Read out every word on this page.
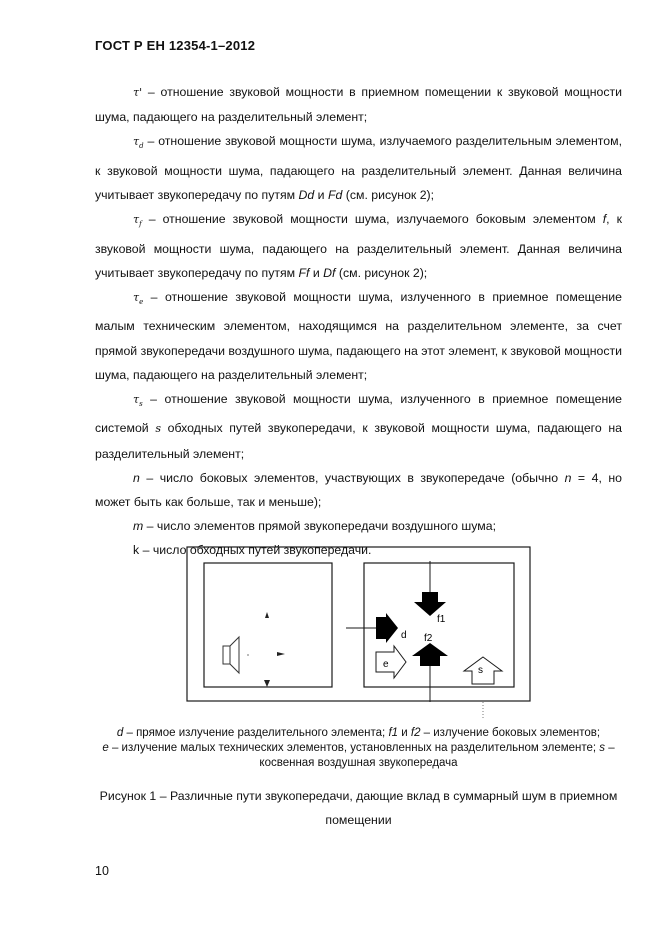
ГОСТ Р ЕН 12354-1–2012

τ' – отношение звуковой мощности в приемном помещении к звуковой мощности шума, падающего на разделительный элемент;

$\tau_d$ – отношение звуковой мощности шума, излучаемого разделительным элементом, к звуковой мощности шума, падающего на разделительный элемент. Данная величина учитывает звукопередачу по путям Dd и Fd (см. рисунок 2);

$\tau_f$ – отношение звуковой мощности шума, излучаемого боковым элементом f, к звуковой мощности шума, падающего на разделительный элемент. Данная величина учитывает звукопередачу по путям Ff и Df (см. рисунок 2);

$\tau_e$ – отношение звуковой мощности шума, излученного в приемное помещение малым техническим элементом, находящимся на разделительном элементе, за счет прямой звукопередачи воздушного шума, падающего на этот элемент, к звуковой мощности шума, падающего на разделительный элемент;

$\tau_s$ – отношение звуковой мощности шума, излученного в приемное помещение системой s обходных путей звукопередачи, к звуковой мощности шума, падающего на разделительный элемент;

n – число боковых элементов, участвующих в звукопередаче (обычно n = 4, но может быть как больше, так и меньше);

m – число элементов прямой звукопередачи воздушного шума;

k – число обходных путей звукопередачи.

d
f1
f2
e
s
d – прямое излучение разделительного элемента; f1 и f2 – излучение боковых элементов;
e – излучение малых технических элементов, установленных на разделительном элементе; s – косвенная воздушная звукопередача
Рисунок 1 – Различные пути звукопередачи, дающие вклад в суммарный шум в приемном помещении
10
